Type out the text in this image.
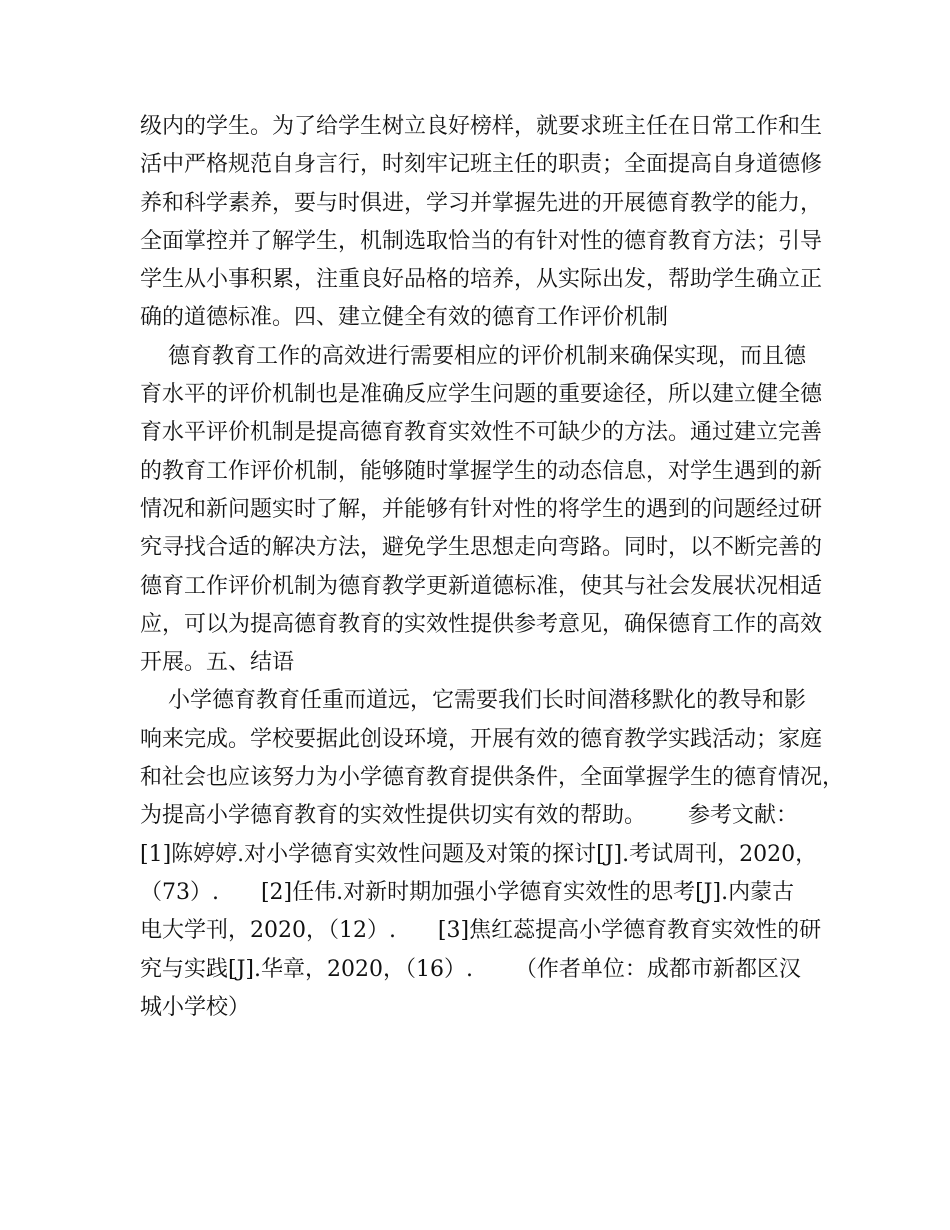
级内的学生。为了给学生树立良好榜样，就要求班主任在日常工作和生
活中严格规范自身言行，时刻牢记班主任的职责；全面提高自身道德修
养和科学素养，要与时俱进，学习并掌握先进的开展德育教学的能力，
全面掌控并了解学生，机制选取恰当的有针对性的德育教育方法；引导
学生从小事积累，注重良好品格的培养，从实际出发，帮助学生确立正
确的道德标准。四、建立健全有效的德育工作评价机制
德育教育工作的高效进行需要相应的评价机制来确保实现，而且德
育水平的评价机制也是准确反应学生问题的重要途径，所以建立健全德
育水平评价机制是提高德育教育实效性不可缺少的方法。通过建立完善
的教育工作评价机制，能够随时掌握学生的动态信息，对学生遇到的新
情况和新问题实时了解，并能够有针对性的将学生的遇到的问题经过研
究寻找合适的解决方法，避免学生思想走向弯路。同时，以不断完善的
德育工作评价机制为德育教学更新道德标准，使其与社会发展状况相适
应，可以为提高德育教育的实效性提供参考意见，确保德育工作的高效
开展。五、结语
小学德育教育任重而道远，它需要我们长时间潜移默化的教导和影
响来完成。学校要据此创设环境，开展有效的德育教学实践活动；家庭
和社会也应该努力为小学德育教育提供条件，全面掌握学生的德育情况，
为提高小学德育教育的实效性提供切实有效的帮助。      参考文献：
[1]陈婷婷.对小学德育实效性问题及对策的探讨[J].考试周刊，2020，
（73）.      [2]任伟.对新时期加强小学德育实效性的思考[J].内蒙古
电大学刊，2020，（12）.      [3]焦红蕊提高小学德育教育实效性的研
究与实践[J].华章，2020，（16）.      （作者单位：成都市新都区汉
城小学校）
